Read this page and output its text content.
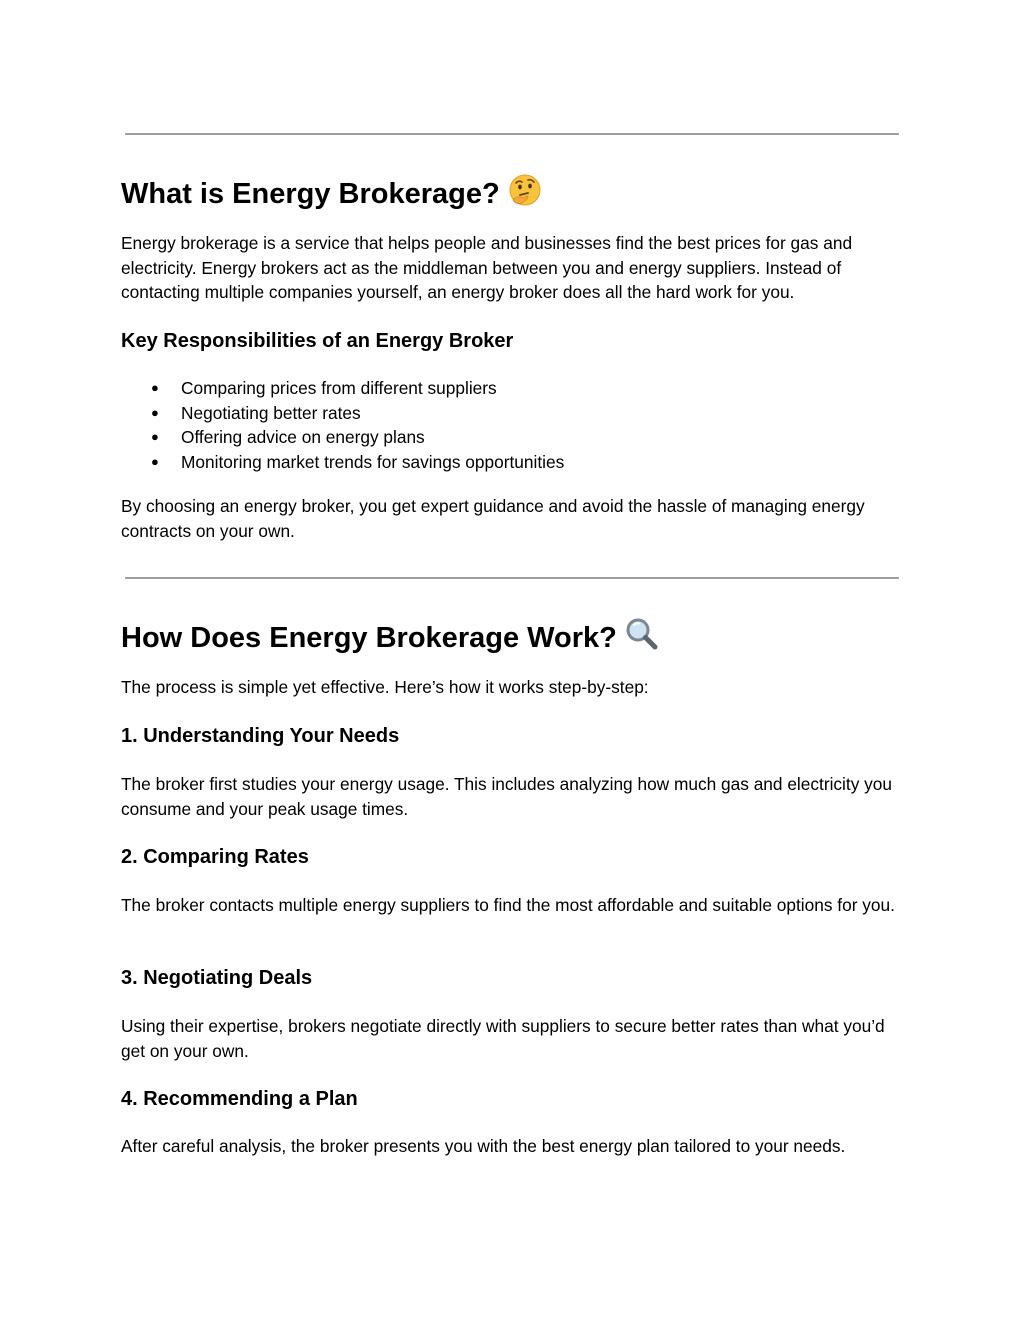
What is Energy Brokerage?

Energy brokerage is a service that helps people and businesses find the best prices for gas and electricity. Energy brokers act as the middleman between you and energy suppliers. Instead of contacting multiple companies yourself, an energy broker does all the hard work for you.

Key Responsibilities of an Energy Broker
● Comparing prices from different suppliers
● Negotiating better rates
● Offering advice on energy plans
● Monitoring market trends for savings opportunities

By choosing an energy broker, you get expert guidance and avoid the hassle of managing energy contracts on your own.

How Does Energy Brokerage Work?

The process is simple yet effective. Here’s how it works step-by-step:

1. Understanding Your Needs

The broker first studies your energy usage. This includes analyzing how much gas and electricity you consume and your peak usage times.

2. Comparing Rates

The broker contacts multiple energy suppliers to find the most affordable and suitable options for you.

3. Negotiating Deals

Using their expertise, brokers negotiate directly with suppliers to secure better rates than what you’d get on your own.

4. Recommending a Plan

After careful analysis, the broker presents you with the best energy plan tailored to your needs.
